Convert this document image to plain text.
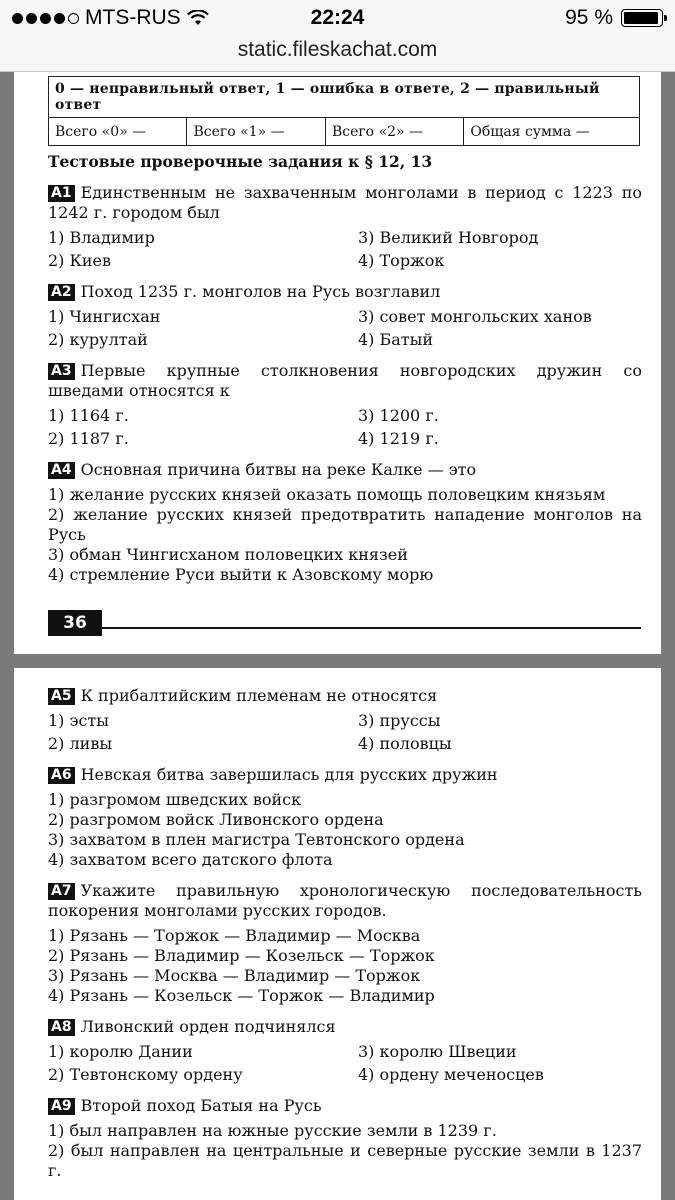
MTS-RUS	22:24	95 %
static.fileskachat.com
0 — неправильный ответ, 1 — ошибка в ответе, 2 — правильный ответ
Всего «0» —	Всего «1» —	Всего «2» —	Общая сумма —
Тестовые проверочные задания к § 12, 13
A1 Единственным не захваченным монголами в период с 1223 по 1242 г. городом был
1) Владимир	3) Великий Новгород
2) Киев	4) Торжок
A2 Поход 1235 г. монголов на Русь возглавил
1) Чингисхан	3) совет монгольских ханов
2) курултай	4) Батый
A3 Первые крупные столкновения новгородских дружин со шведами относятся к
1) 1164 г.	3) 1200 г.
2) 1187 г.	4) 1219 г.
A4 Основная причина битвы на реке Калке — это
1) желание русских князей оказать помощь половецким князьям
2) желание русских князей предотвратить нападение монголов на Русь
3) обман Чингисханом половецких князей
4) стремление Руси выйти к Азовскому морю
36
A5 К прибалтийским племенам не относятся
1) эсты	3) пруссы
2) ливы	4) половцы
A6 Невская битва завершилась для русских дружин
1) разгромом шведских войск
2) разгромом войск Ливонского ордена
3) захватом в плен магистра Тевтонского ордена
4) захватом всего датского флота
A7 Укажите правильную хронологическую последовательность покорения монголами русских городов.
1) Рязань — Торжок — Владимир — Москва
2) Рязань — Владимир — Козельск — Торжок
3) Рязань — Москва — Владимир — Торжок
4) Рязань — Козельск — Торжок — Владимир
A8 Ливонский орден подчинялся
1) королю Дании	3) королю Швеции
2) Тевтонскому ордену	4) ордену меченосцев
A9 Второй поход Батыя на Русь
1) был направлен на южные русские земли в 1239 г.
2) был направлен на центральные и северные русские земли в 1237 г.
